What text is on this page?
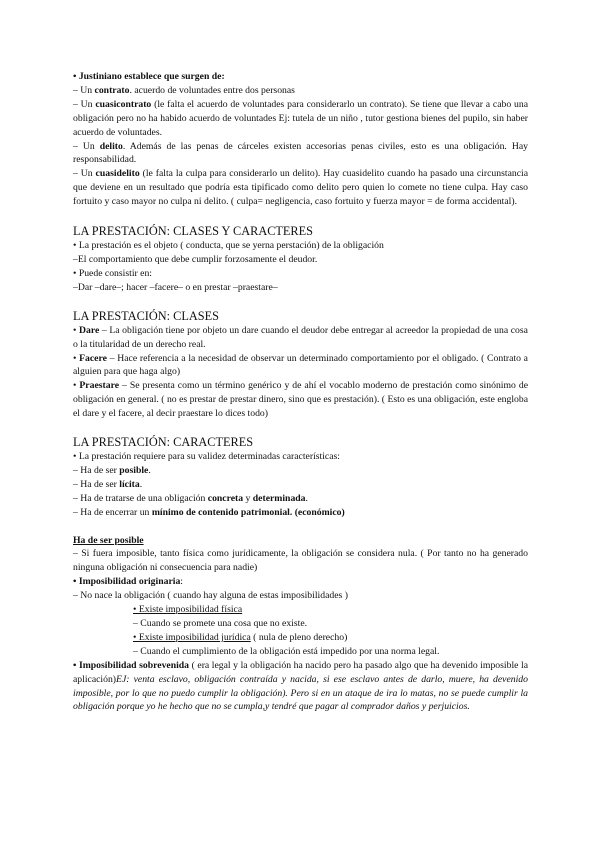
• Justiniano establece que surgen de:

– Un contrato. acuerdo de voluntades entre dos personas

– Un cuasicontrato (le falta el acuerdo de voluntades para considerarlo un contrato). Se tiene que llevar a cabo una obligación pero no ha habido acuerdo de voluntades Ej: tutela de un niño , tutor gestiona bienes del pupilo, sin haber acuerdo de voluntades.

– Un delito. Además de las penas de cárceles existen accesorias penas civiles, esto es una obligación. Hay responsabilidad.

– Un cuasidelito (le falta la culpa para considerarlo un delito). Hay cuasidelito cuando ha pasado una circunstancia que deviene en un resultado que podría esta tipificado como delito pero quien lo comete no tiene culpa. Hay caso fortuito y caso mayor no culpa ni delito. ( culpa= negligencia, caso fortuito y fuerza mayor = de forma accidental).

LA PRESTACIÓN: CLASES Y CARACTERES

• La prestación es el objeto ( conducta, que se yerna perstación) de la obligación

–El comportamiento que debe cumplir forzosamente el deudor.

• Puede consistir en:

–Dar –dare–; hacer –facere– o en prestar –praestare–

LA PRESTACIÓN: CLASES

• Dare – La obligación tiene por objeto un dare cuando el deudor debe entregar al acreedor la propiedad de una cosa o la titularidad de un derecho real.

• Facere – Hace referencia a la necesidad de observar un determinado comportamiento por el obligado. ( Contrato a alguien para que haga algo)

• Praestare – Se presenta como un término genérico y de ahí el vocablo moderno de prestación como sinónimo de obligación en general. ( no es prestar de prestar dinero, sino que es prestación). ( Esto es una obligación, este engloba el dare y el facere, al decir praestare lo dices todo)

LA PRESTACIÓN: CARACTERES

• La prestación requiere para su validez determinadas características:

– Ha de ser posible.

– Ha de ser lícita.

– Ha de tratarse de una obligación concreta y determinada.

– Ha de encerrar un mínimo de contenido patrimonial. (económico)

Ha de ser posible

– Si fuera imposible, tanto física como jurídicamente, la obligación se considera nula. ( Por tanto no ha generado ninguna obligación ni consecuencia para nadie)

• Imposibilidad originaria:

– No nace la obligación ( cuando hay alguna de estas imposibilidades )

• Existe imposibilidad física

– Cuando se promete una cosa que no existe.

• Existe imposibilidad jurídica ( nula de pleno derecho)

– Cuando el cumplimiento de la obligación está impedido por una norma legal.

• Imposibilidad sobrevenida ( era legal y la obligación ha nacido pero ha pasado algo que ha devenido imposible la aplicación)EJ: venta esclavo, obligación contraída y nacida, si ese esclavo antes de darlo, muere, ha devenido imposible, por lo que no puedo cumplir la obligación). Pero si en un ataque de ira lo matas, no se puede cumplir la obligación porque yo he hecho que no se cumpla,y tendré que pagar al comprador daños y perjuicios.
